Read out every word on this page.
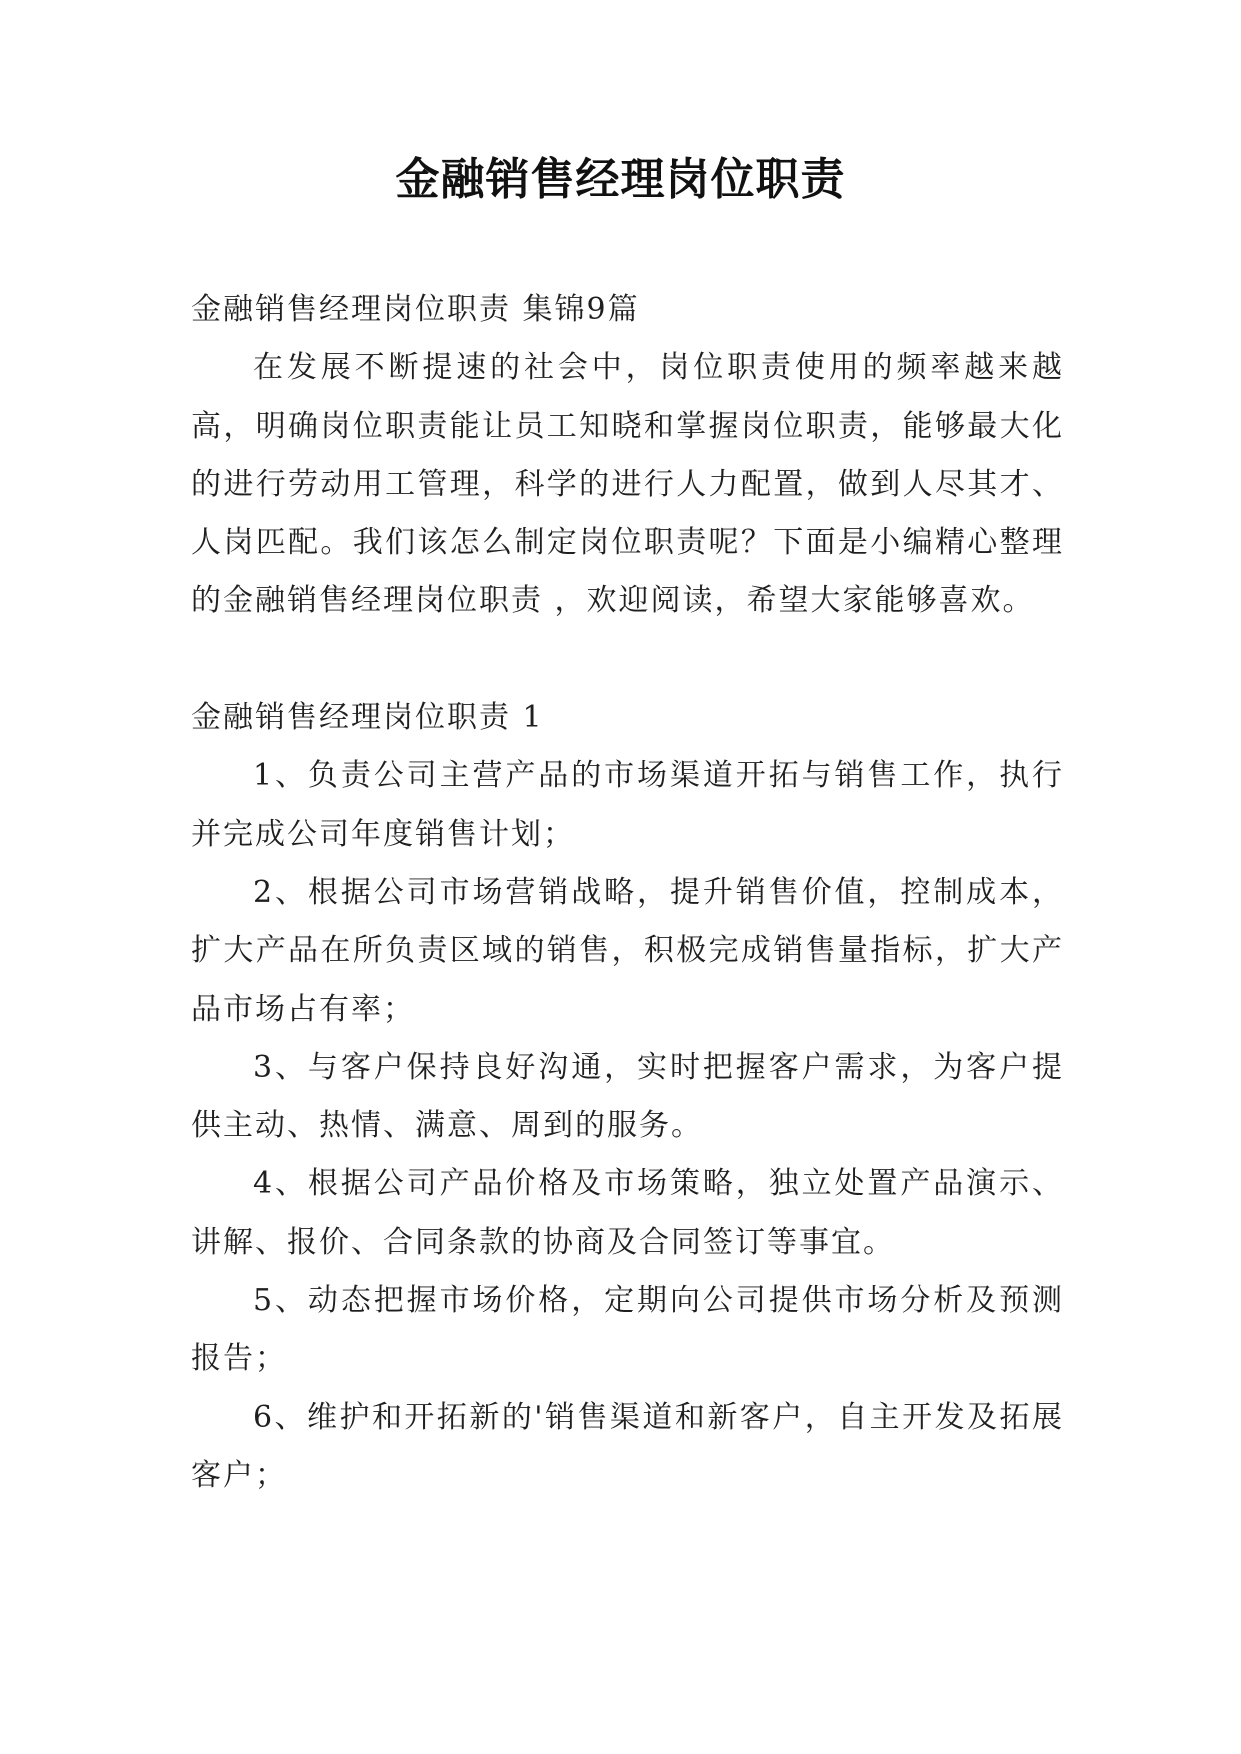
金融销售经理岗位职责

金融销售经理岗位职责 集锦9篇

在发展不断提速的社会中，岗位职责使用的频率越来越高，明确岗位职责能让员工知晓和掌握岗位职责，能够最大化的进行劳动用工管理，科学的进行人力配置，做到人尽其才、人岗匹配。我们该怎么制定岗位职责呢？下面是小编精心整理的金融销售经理岗位职责 ，欢迎阅读，希望大家能够喜欢。

金融销售经理岗位职责 1

1、负责公司主营产品的市场渠道开拓与销售工作，执行并完成公司年度销售计划；

2、根据公司市场营销战略，提升销售价值，控制成本，扩大产品在所负责区域的销售，积极完成销售量指标，扩大产品市场占有率；

3、与客户保持良好沟通，实时把握客户需求，为客户提供主动、热情、满意、周到的服务。

4、根据公司产品价格及市场策略，独立处置产品演示、讲解、报价、合同条款的协商及合同签订等事宜。

5、动态把握市场价格，定期向公司提供市场分析及预测报告；

6、维护和开拓新的'销售渠道和新客户，自主开发及拓展客户；
